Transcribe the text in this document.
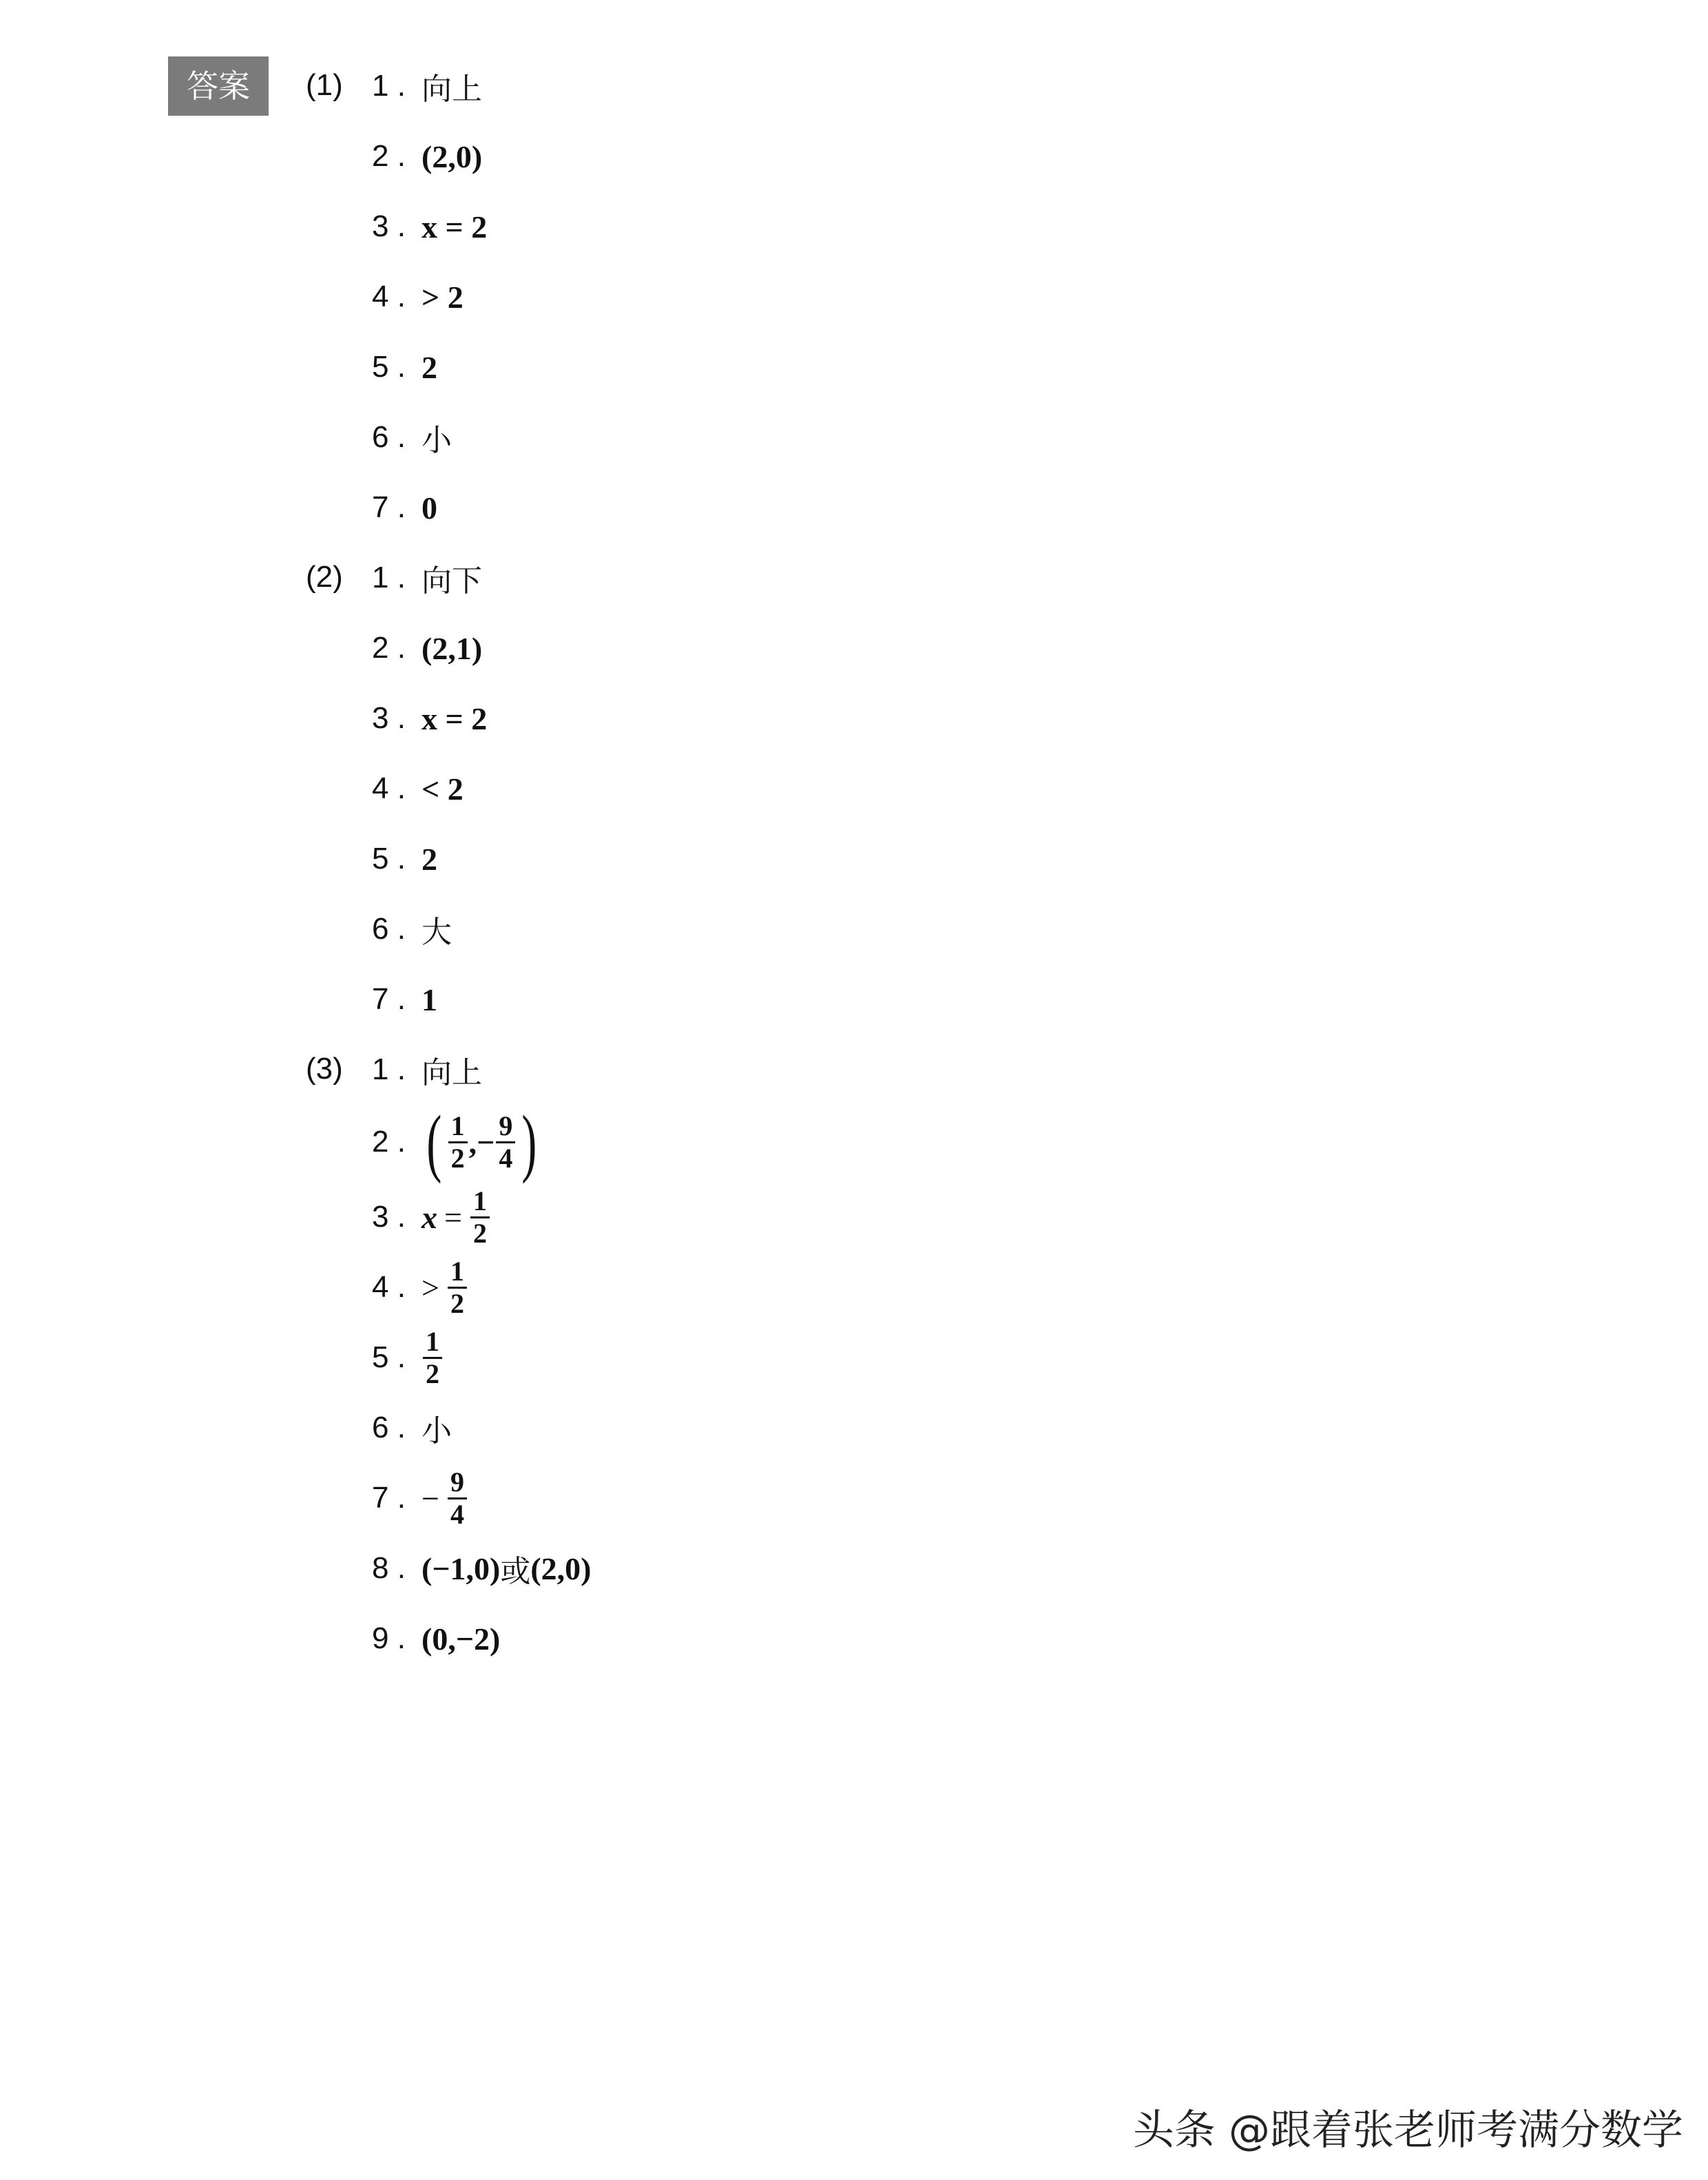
答案	(1) 1 . 向上
2 . (2,0)
3 . x = 2
4 . > 2
5 . 2
6 . 小
7 . 0
(2) 1 . 向下
2 . (2,1)
3 . x = 2
4 . < 2
5 . 2
6 . 大
7 . 1
(3) 1 . 向上
2 . ( $\frac{1}{2}$ ,− $\frac{9}{4}$ )
3 . $x = \frac{1}{2}$
4 . > $\frac{1}{2}$
5 . $\frac{1}{2}$
6 . 小
7 . − $\frac{9}{4}$
8 . (−1,0) 或 (2,0)
9 . (0,−2)
头条 @跟着张老师考满分数学
